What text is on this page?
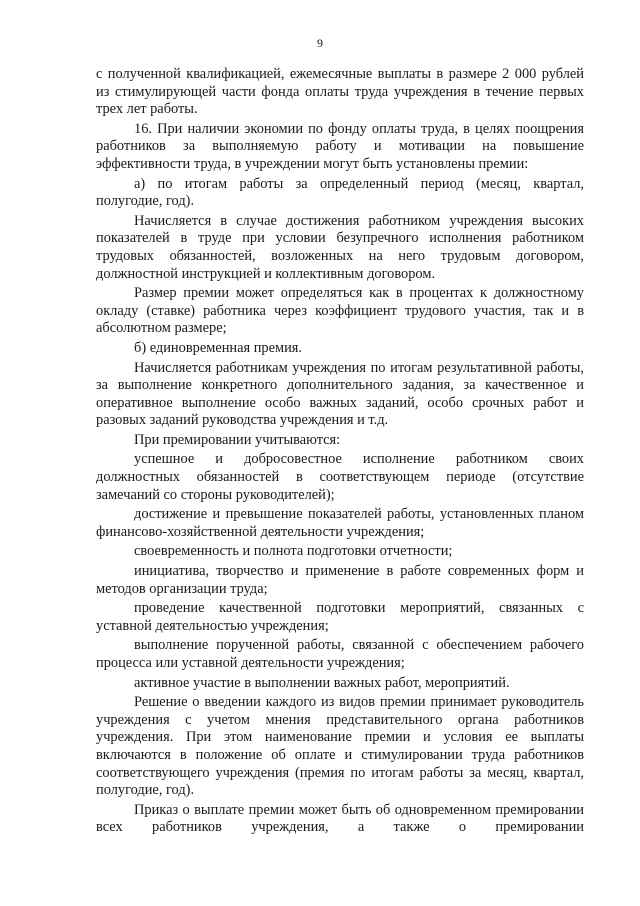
9

с полученной квалификацией, ежемесячные выплаты в размере 2 000 рублей из стимулирующей части фонда оплаты труда учреждения в течение первых трех лет работы.

16. При наличии экономии по фонду оплаты труда, в целях поощрения работников за выполняемую работу и мотивации на повышение эффективности труда, в учреждении могут быть установлены премии:

а) по итогам работы за определенный период (месяц, квартал, полугодие, год).

Начисляется в случае достижения работником учреждения высоких показателей в труде при условии безупречного исполнения работником трудовых обязанностей, возложенных на него трудовым договором, должностной инструкцией и коллективным договором.

Размер премии может определяться как в процентах к должностному окладу (ставке) работника через коэффициент трудового участия, так и в абсолютном размере;

б) единовременная премия.

Начисляется работникам учреждения по итогам результативной работы, за выполнение конкретного дополнительного задания, за качественное и оперативное выполнение особо важных заданий, особо срочных работ и разовых заданий руководства учреждения и т.д.

При премировании учитываются:

успешное и добросовестное исполнение работником своих должностных обязанностей в соответствующем периоде (отсутствие замечаний со стороны руководителей);

достижение и превышение показателей работы, установленных планом финансово-хозяйственной деятельности учреждения;

своевременность и полнота подготовки отчетности;

инициатива, творчество и применение в работе современных форм и методов организации труда;

проведение качественной подготовки мероприятий, связанных с уставной деятельностью учреждения;

выполнение порученной работы, связанной с обеспечением рабочего процесса или уставной деятельности учреждения;

активное участие в выполнении важных работ, мероприятий.

Решение о введении каждого из видов премии принимает руководитель учреждения с учетом мнения представительного органа работников учреждения. При этом наименование премии и условия ее выплаты включаются в положение об оплате и стимулировании труда работников соответствующего учреждения (премия по итогам работы за месяц, квартал, полугодие, год).

Приказ о выплате премии может быть об одновременном премировании всех работников учреждения, а также о премировании
